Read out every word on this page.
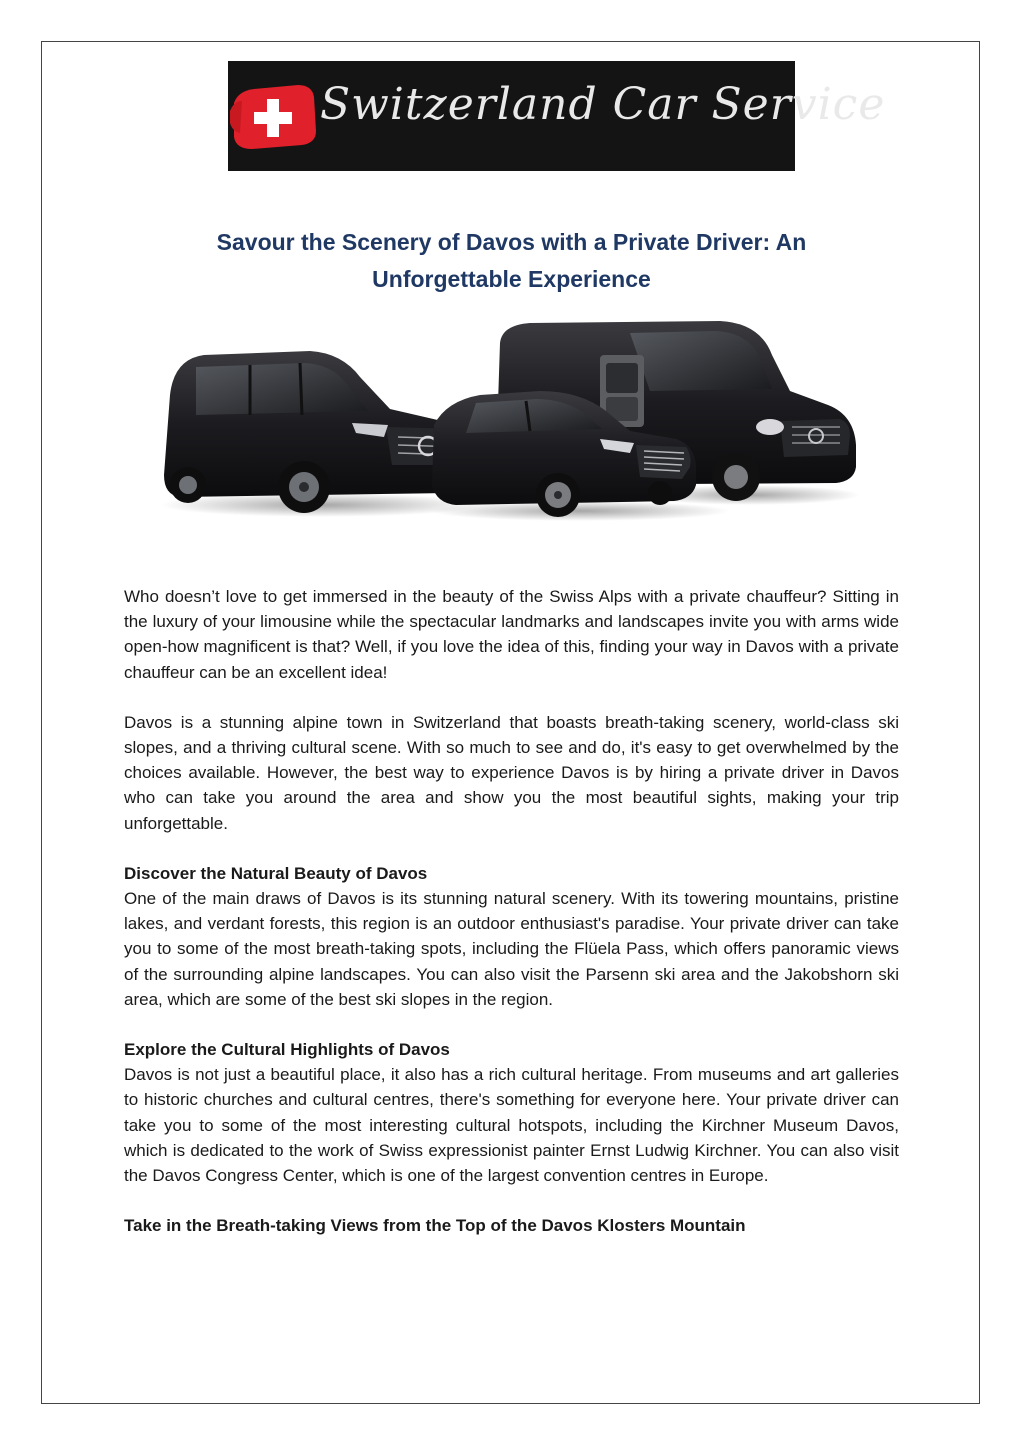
Switzerland Car Service
Savour the Scenery of Davos with a Private Driver: An Unforgettable Experience

Who doesn’t love to get immersed in the beauty of the Swiss Alps with a private chauffeur? Sitting in the luxury of your limousine while the spectacular landmarks and landscapes invite you with arms wide open-how magnificent is that? Well, if you love the idea of this, finding your way in Davos with a private chauffeur can be an excellent idea!

Davos is a stunning alpine town in Switzerland that boasts breath-taking scenery, world-class ski slopes, and a thriving cultural scene. With so much to see and do, it's easy to get overwhelmed by the choices available. However, the best way to experience Davos is by hiring a private driver in Davos who can take you around the area and show you the most beautiful sights, making your trip unforgettable.

Discover the Natural Beauty of Davos

One of the main draws of Davos is its stunning natural scenery. With its towering mountains, pristine lakes, and verdant forests, this region is an outdoor enthusiast's paradise. Your private driver can take you to some of the most breath-taking spots, including the Flüela Pass, which offers panoramic views of the surrounding alpine landscapes. You can also visit the Parsenn ski area and the Jakobshorn ski area, which are some of the best ski slopes in the region.

Explore the Cultural Highlights of Davos

Davos is not just a beautiful place, it also has a rich cultural heritage. From museums and art galleries to historic churches and cultural centres, there's something for everyone here. Your private driver can take you to some of the most interesting cultural hotspots, including the Kirchner Museum Davos, which is dedicated to the work of Swiss expressionist painter Ernst Ludwig Kirchner. You can also visit the Davos Congress Center, which is one of the largest convention centres in Europe.

Take in the Breath-taking Views from the Top of the Davos Klosters Mountain
